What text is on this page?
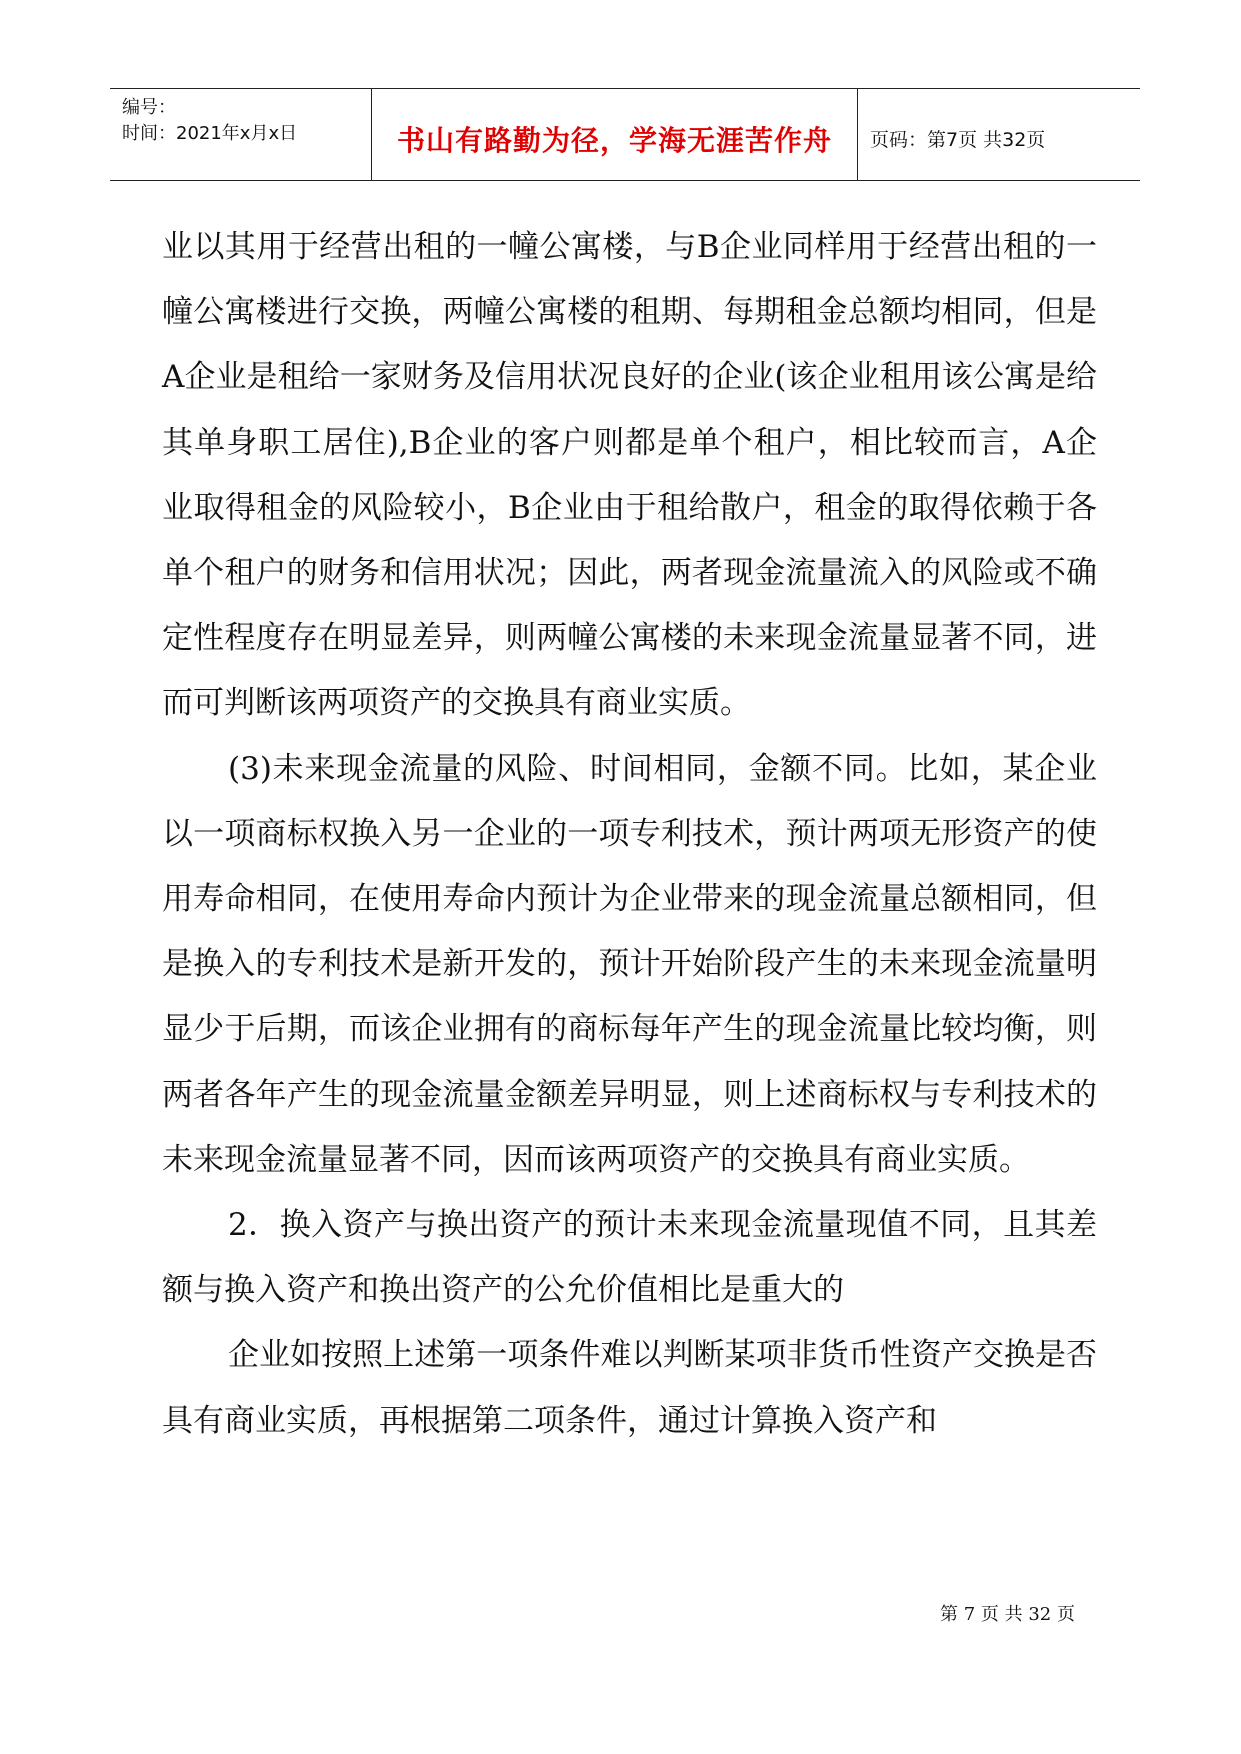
编号：
时间：2021年x月x日	书山有路勤为径，学海无涯苦作舟	页码：第7页 共32页

业以其用于经营出租的一幢公寓楼，与B企业同样用于经营出租的一幢公寓楼进行交换，两幢公寓楼的租期、每期租金总额均相同，但是A企业是租给一家财务及信用状况良好的企业(该企业租用该公寓是给其单身职工居住),B企业的客户则都是单个租户，相比较而言，A企业取得租金的风险较小，B企业由于租给散户，租金的取得依赖于各单个租户的财务和信用状况；因此，两者现金流量流入的风险或不确定性程度存在明显差异，则两幢公寓楼的未来现金流量显著不同，进而可判断该两项资产的交换具有商业实质。

(3)未来现金流量的风险、时间相同，金额不同。比如，某企业以一项商标权换入另一企业的一项专利技术，预计两项无形资产的使用寿命相同，在使用寿命内预计为企业带来的现金流量总额相同，但是换入的专利技术是新开发的，预计开始阶段产生的未来现金流量明显少于后期，而该企业拥有的商标每年产生的现金流量比较均衡，则两者各年产生的现金流量金额差异明显，则上述商标权与专利技术的未来现金流量显著不同，因而该两项资产的交换具有商业实质。

2．换入资产与换出资产的预计未来现金流量现值不同，且其差额与换入资产和换出资产的公允价值相比是重大的

企业如按照上述第一项条件难以判断某项非货币性资产交换是否具有商业实质，再根据第二项条件，通过计算换入资产和

第 7 页 共 32 页
